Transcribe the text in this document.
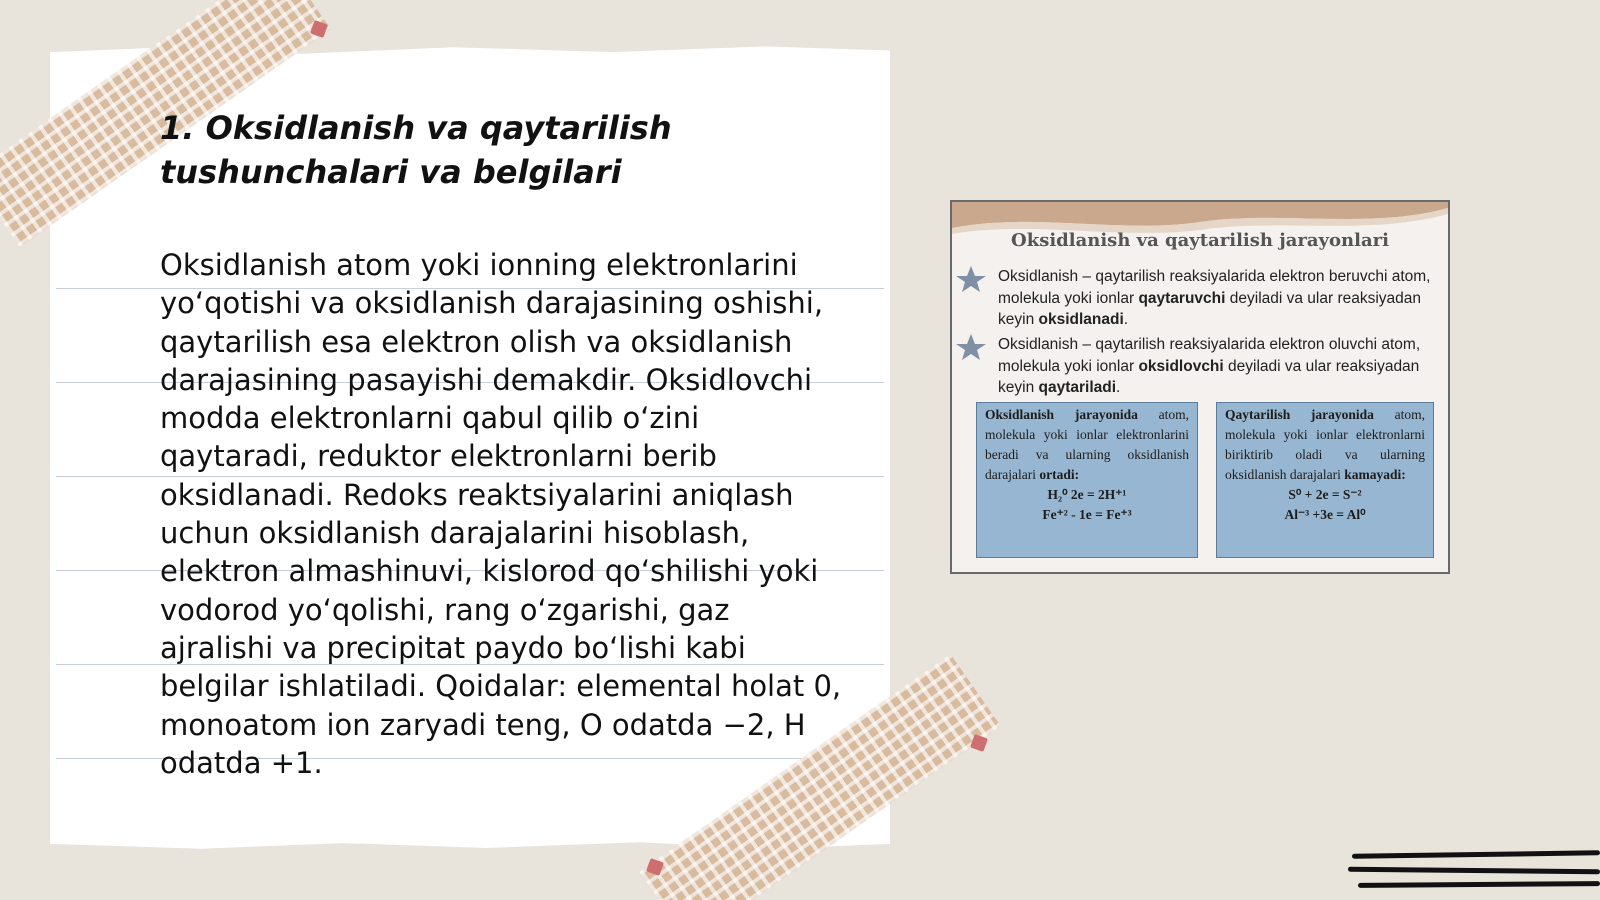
1. Oksidlanish va qaytarilish tushunchalari va belgilari
Oksidlanish atom yoki ionning elektronlarini yo‘qotishi va oksidlanish darajasining oshishi, qaytarilish esa elektron olish va oksidlanish darajasining pasayishi demakdir. Oksidlovchi modda elektronlarni qabul qilib o‘zini qaytaradi, reduktor elektronlarni berib oksidlanadi. Redoks reaktsiyalarini aniqlash uchun oksidlanish darajalarini hisoblash, elektron almashinuvi, kislorod qo‘shilishi yoki vodorod yo‘qolishi, rang o‘zgarishi, gaz ajralishi va precipitat paydo bo‘lishi kabi belgilar ishlatiladi. Qoidalar: elemental holat 0, monoatom ion zaryadi teng, O odatda −2, H odatda +1.
Oksidlanish va qaytarilish jarayonlari
Oksidlanish – qaytarilish reaksiyalarida elektron beruvchi atom, molekula yoki ionlar qaytaruvchi deyiladi va ular reaksiyadan keyin oksidlanadi.
Oksidlanish – qaytarilish reaksiyalarida elektron oluvchi atom, molekula yoki ionlar oksidlovchi deyiladi va ular reaksiyadan keyin qaytariladi.
Oksidlanish jarayonida atom, molekula yoki ionlar elektronlarini beradi va ularning oksidlanish darajalari ortadi:
H₂⁰ 2e = 2H⁺¹
Fe⁺² - 1e = Fe⁺³
Qaytarilish jarayonida atom, molekula yoki ionlar elektronlarni biriktirib oladi va ularning oksidlanish darajalari kamayadi:
S⁰ + 2e = S⁻²
Al⁻³ +3e = Al⁰
